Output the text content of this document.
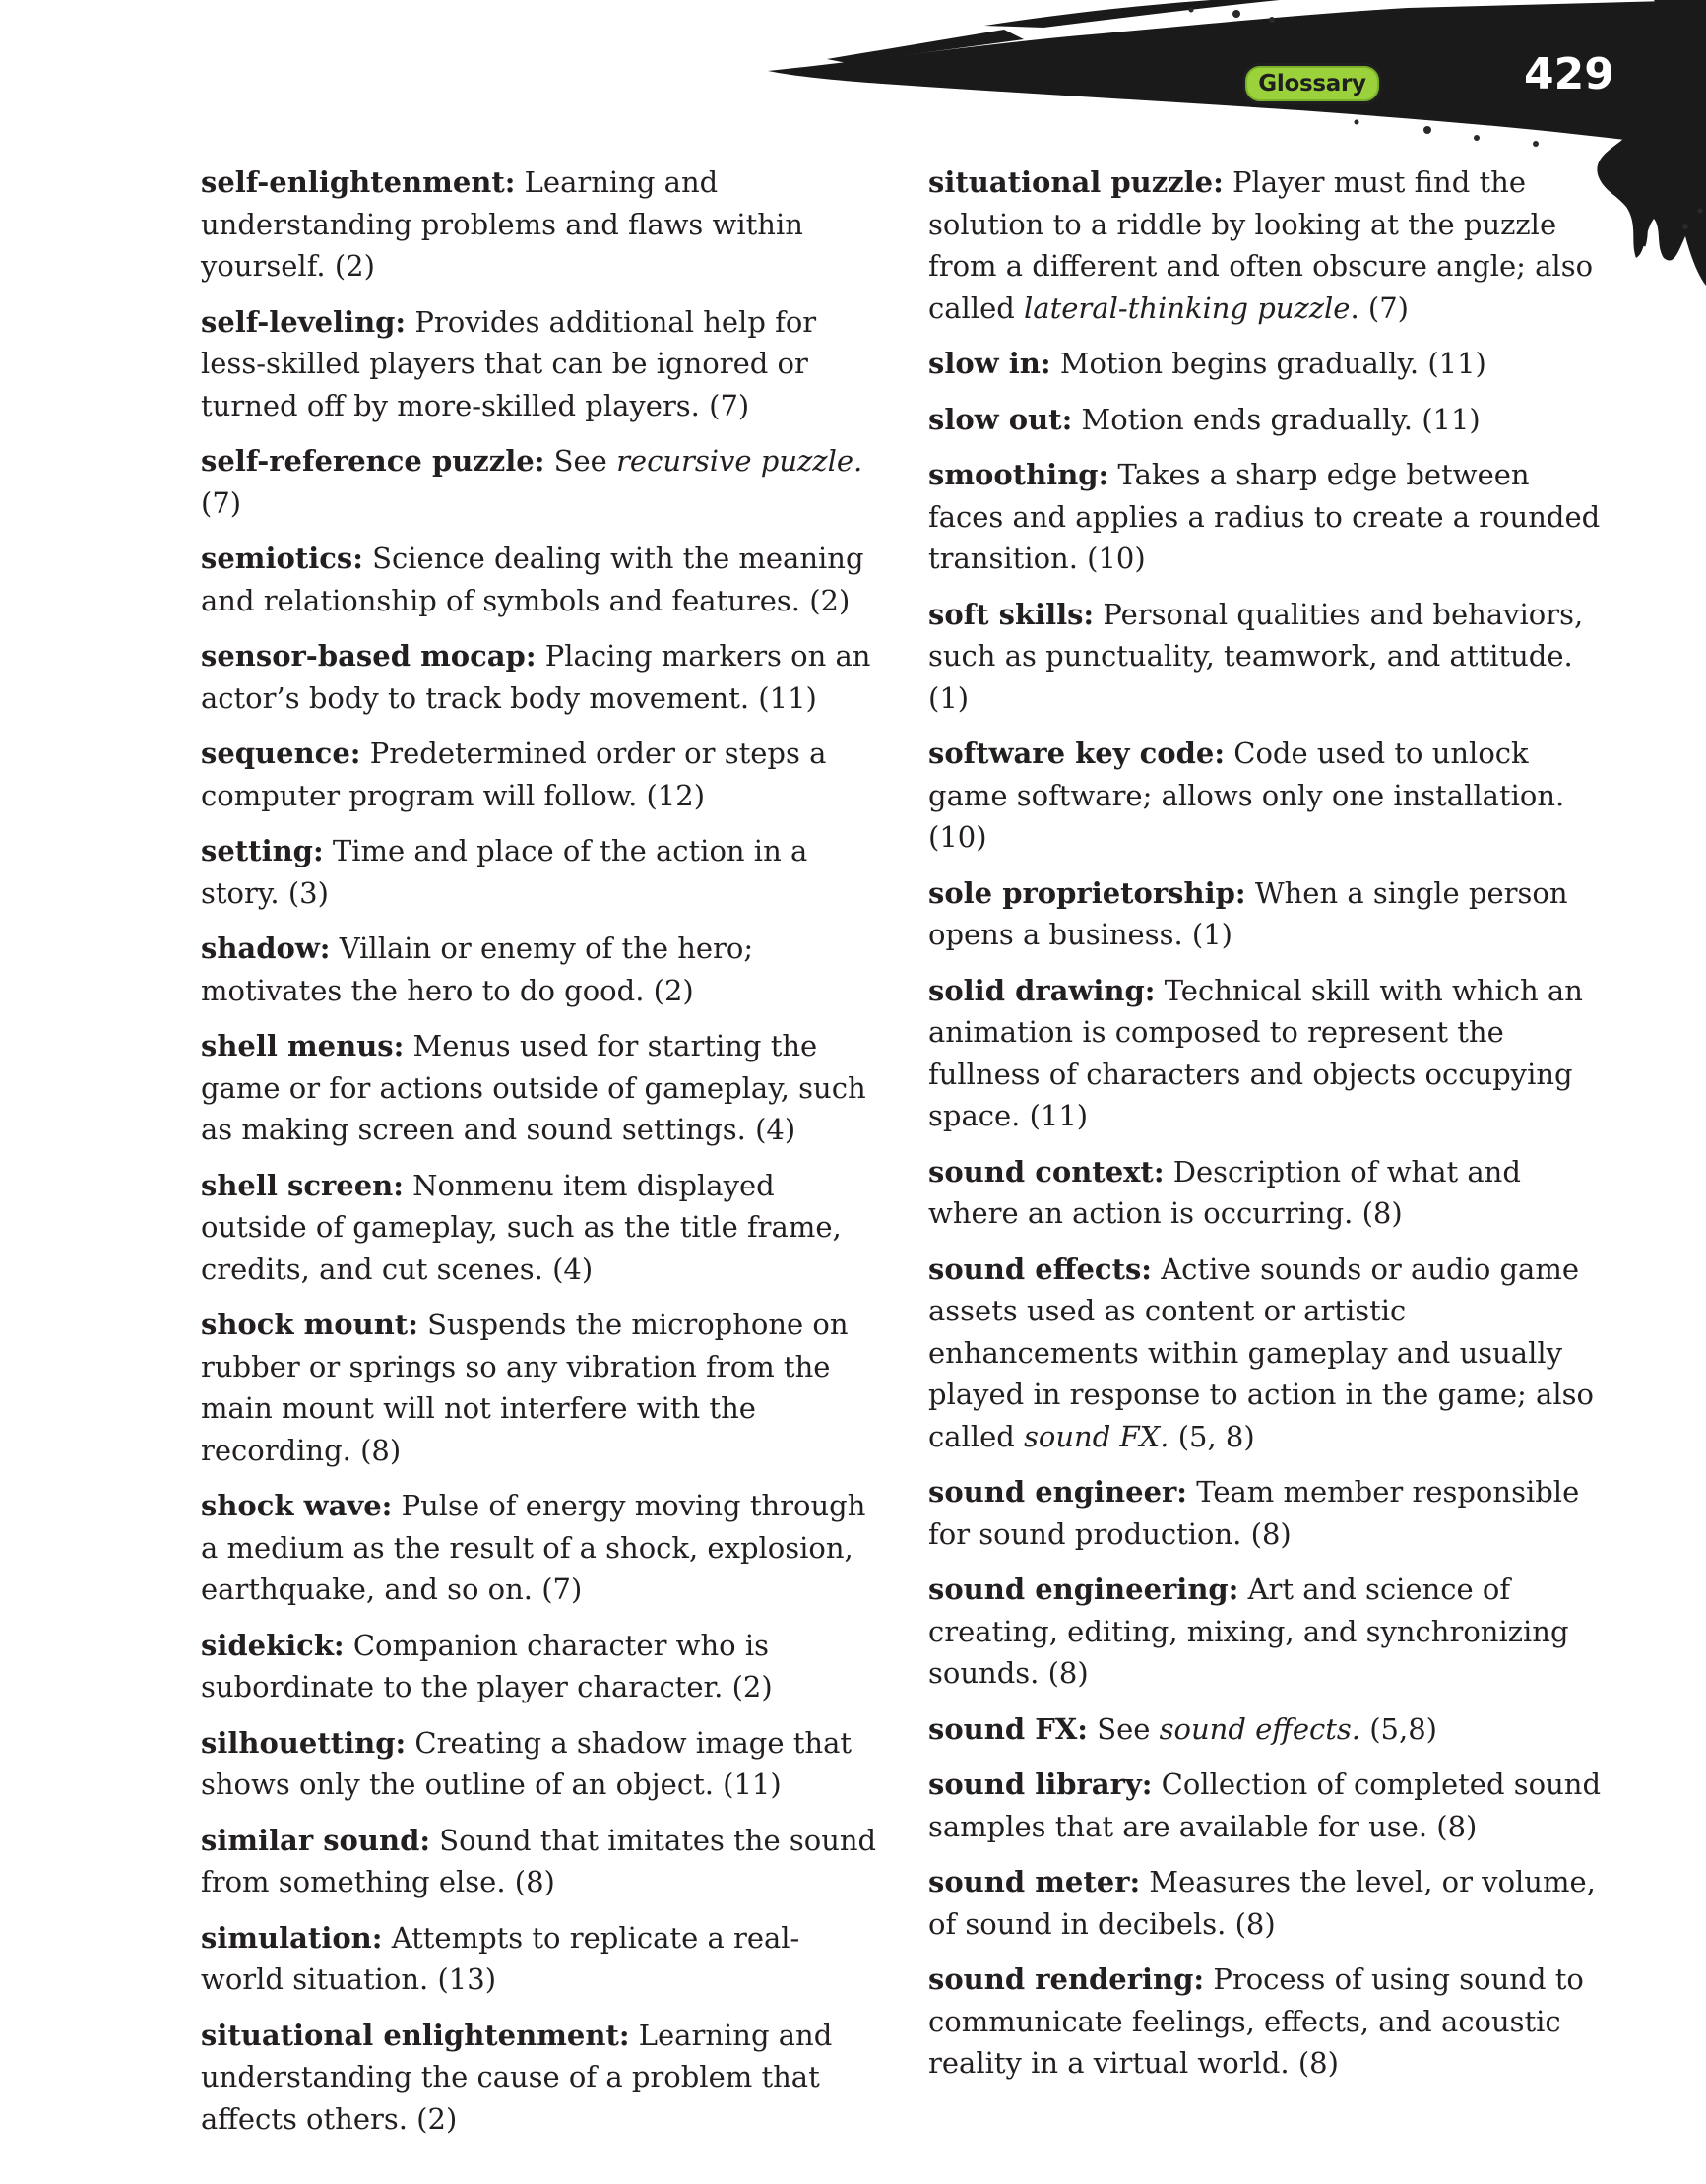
Glossary	429

self-enlightenment: Learning and understanding problems and flaws within yourself. (2)

self-leveling: Provides additional help for less-skilled players that can be ignored or turned off by more-skilled players. (7)

self-reference puzzle: See recursive puzzle. (7)

semiotics: Science dealing with the meaning and relationship of symbols and features. (2)

sensor-based mocap: Placing markers on an actor’s body to track body movement. (11)

sequence: Predetermined order or steps a computer program will follow. (12)

setting: Time and place of the action in a story. (3)

shadow: Villain or enemy of the hero; motivates the hero to do good. (2)

shell menus: Menus used for starting the game or for actions outside of gameplay, such as making screen and sound settings. (4)

shell screen: Nonmenu item displayed outside of gameplay, such as the title frame, credits, and cut scenes. (4)

shock mount: Suspends the microphone on rubber or springs so any vibration from the main mount will not interfere with the recording. (8)

shock wave: Pulse of energy moving through a medium as the result of a shock, explosion, earthquake, and so on. (7)

sidekick: Companion character who is subordinate to the player character. (2)

silhouetting: Creating a shadow image that shows only the outline of an object. (11)

similar sound: Sound that imitates the sound from something else. (8)

simulation: Attempts to replicate a real-world situation. (13)

situational enlightenment: Learning and understanding the cause of a problem that affects others. (2)

situational puzzle: Player must find the solution to a riddle by looking at the puzzle from a different and often obscure angle; also called lateral-thinking puzzle. (7)

slow in: Motion begins gradually. (11)

slow out: Motion ends gradually. (11)

smoothing: Takes a sharp edge between faces and applies a radius to create a rounded transition. (10)

soft skills: Personal qualities and behaviors, such as punctuality, teamwork, and attitude. (1)

software key code: Code used to unlock game software; allows only one installation. (10)

sole proprietorship: When a single person opens a business. (1)

solid drawing: Technical skill with which an animation is composed to represent the fullness of characters and objects occupying space. (11)

sound context: Description of what and where an action is occurring. (8)

sound effects: Active sounds or audio game assets used as content or artistic enhancements within gameplay and usually played in response to action in the game; also called sound FX. (5, 8)

sound engineer: Team member responsible for sound production. (8)

sound engineering: Art and science of creating, editing, mixing, and synchronizing sounds. (8)

sound FX: See sound effects. (5,8)

sound library: Collection of completed sound samples that are available for use. (8)

sound meter: Measures the level, or volume, of sound in decibels. (8)

sound rendering: Process of using sound to communicate feelings, effects, and acoustic reality in a virtual world. (8)
